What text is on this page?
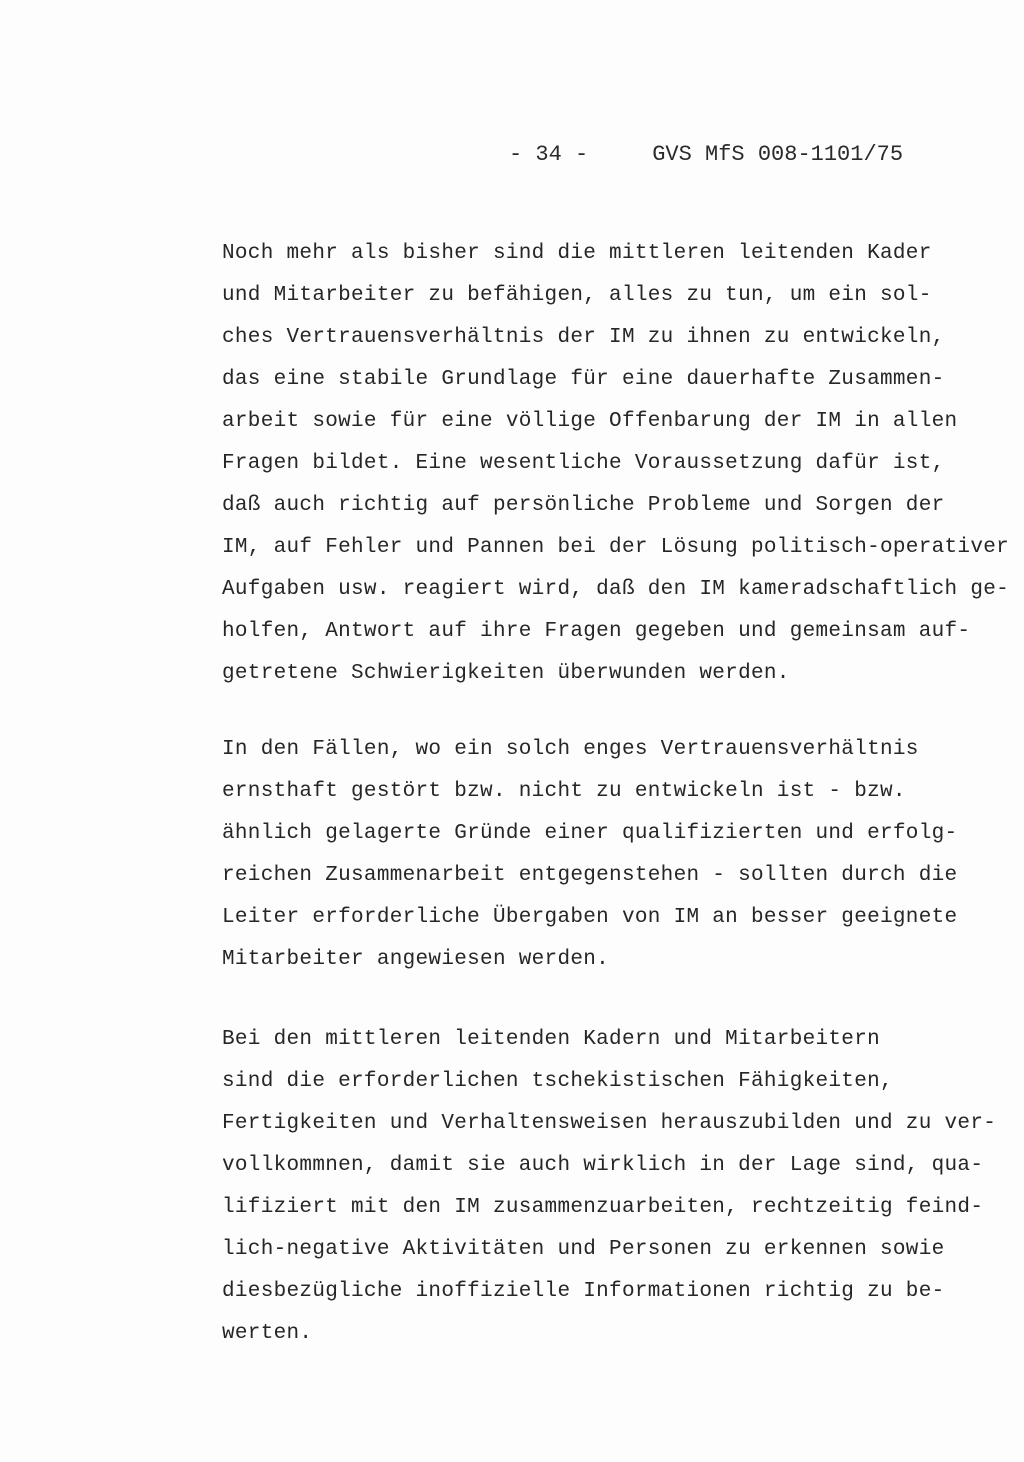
- 34 -	GVS MfS 008-1101/75
Noch mehr als bisher sind die mittleren leitenden Kader
und Mitarbeiter zu befähigen, alles zu tun, um ein sol-
ches Vertrauensverhältnis der IM zu ihnen zu entwickeln,
das eine stabile Grundlage für eine dauerhafte Zusammen-
arbeit sowie für eine völlige Offenbarung der IM in allen
Fragen bildet. Eine wesentliche Voraussetzung dafür ist,
daß auch richtig auf persönliche Probleme und Sorgen der
IM, auf Fehler und Pannen bei der Lösung politisch-operativer
Aufgaben usw. reagiert wird, daß den IM kameradschaftlich ge-
holfen, Antwort auf ihre Fragen gegeben und gemeinsam auf-
getretene Schwierigkeiten überwunden werden.
In den Fällen, wo ein solch enges Vertrauensverhältnis
ernsthaft gestört bzw. nicht zu entwickeln ist - bzw.
ähnlich gelagerte Gründe einer qualifizierten und erfolg-
reichen Zusammenarbeit entgegenstehen - sollten durch die
Leiter erforderliche Übergaben von IM an besser geeignete
Mitarbeiter angewiesen werden.
Bei den mittleren leitenden Kadern und Mitarbeitern
sind die erforderlichen tschekistischen Fähigkeiten,
Fertigkeiten und Verhaltensweisen herauszubilden und zu ver-
vollkommnen, damit sie auch wirklich in der Lage sind, qua-
lifiziert mit den IM zusammenzuarbeiten, rechtzeitig feind-
lich-negative Aktivitäten und Personen zu erkennen sowie
diesbezügliche inoffizielle Informationen richtig zu be-
werten.
